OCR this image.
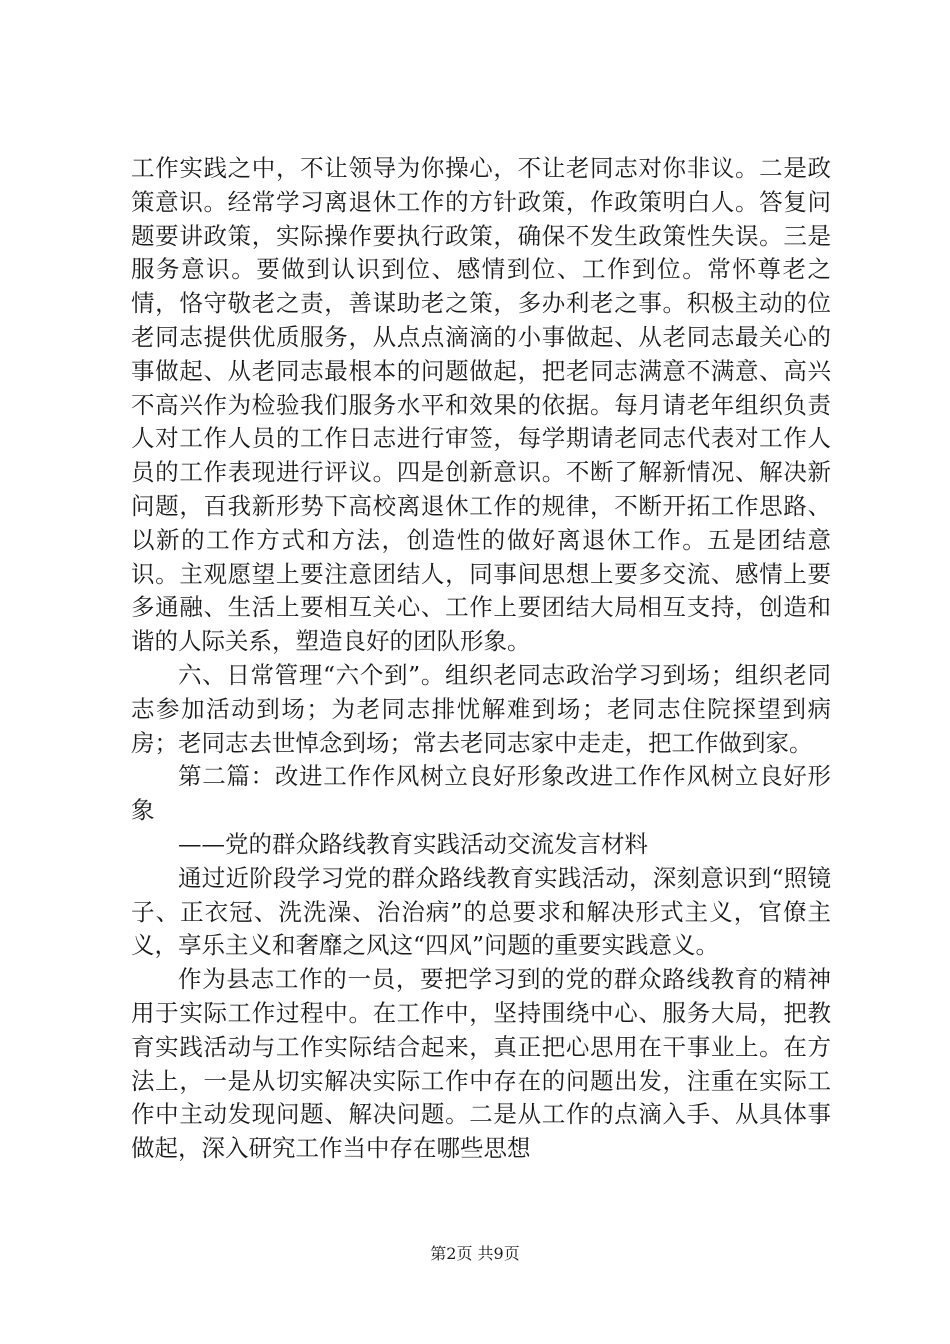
工作实践之中，不让领导为你操心，不让老同志对你非议。二是政策意识。经常学习离退休工作的方针政策，作政策明白人。答复问题要讲政策，实际操作要执行政策，确保不发生政策性失误。三是服务意识。要做到认识到位、感情到位、工作到位。常怀尊老之情，恪守敬老之责，善谋助老之策，多办利老之事。积极主动的位老同志提供优质服务，从点点滴滴的小事做起、从老同志最关心的事做起、从老同志最根本的问题做起，把老同志满意不满意、高兴不高兴作为检验我们服务水平和效果的依据。每月请老年组织负责人对工作人员的工作日志进行审签，每学期请老同志代表对工作人员的工作表现进行评议。四是创新意识。不断了解新情况、解决新问题，百我新形势下高校离退休工作的规律，不断开拓工作思路、以新的工作方式和方法，创造性的做好离退休工作。五是团结意识。主观愿望上要注意团结人，同事间思想上要多交流、感情上要多通融、生活上要相互关心、工作上要团结大局相互支持，创造和谐的人际关系，塑造良好的团队形象。

六、日常管理“六个到”。组织老同志政治学习到场；组织老同志参加活动到场；为老同志排忧解难到场；老同志住院探望到病房；老同志去世悼念到场；常去老同志家中走走，把工作做到家。

第二篇：改进工作作风树立良好形象改进工作作风树立良好形象

——党的群众路线教育实践活动交流发言材料

通过近阶段学习党的群众路线教育实践活动，深刻意识到“照镜子、正衣冠、洗洗澡、治治病”的总要求和解决形式主义，官僚主义，享乐主义和奢靡之风这“四风”问题的重要实践意义。

作为县志工作的一员，要把学习到的党的群众路线教育的精神用于实际工作过程中。在工作中，坚持围绕中心、服务大局，把教育实践活动与工作实际结合起来，真正把心思用在干事业上。在方法上，一是从切实解决实际工作中存在的问题出发，注重在实际工作中主动发现问题、解决问题。二是从工作的点滴入手、从具体事做起，深入研究工作当中存在哪些思想

第2页 共9页
